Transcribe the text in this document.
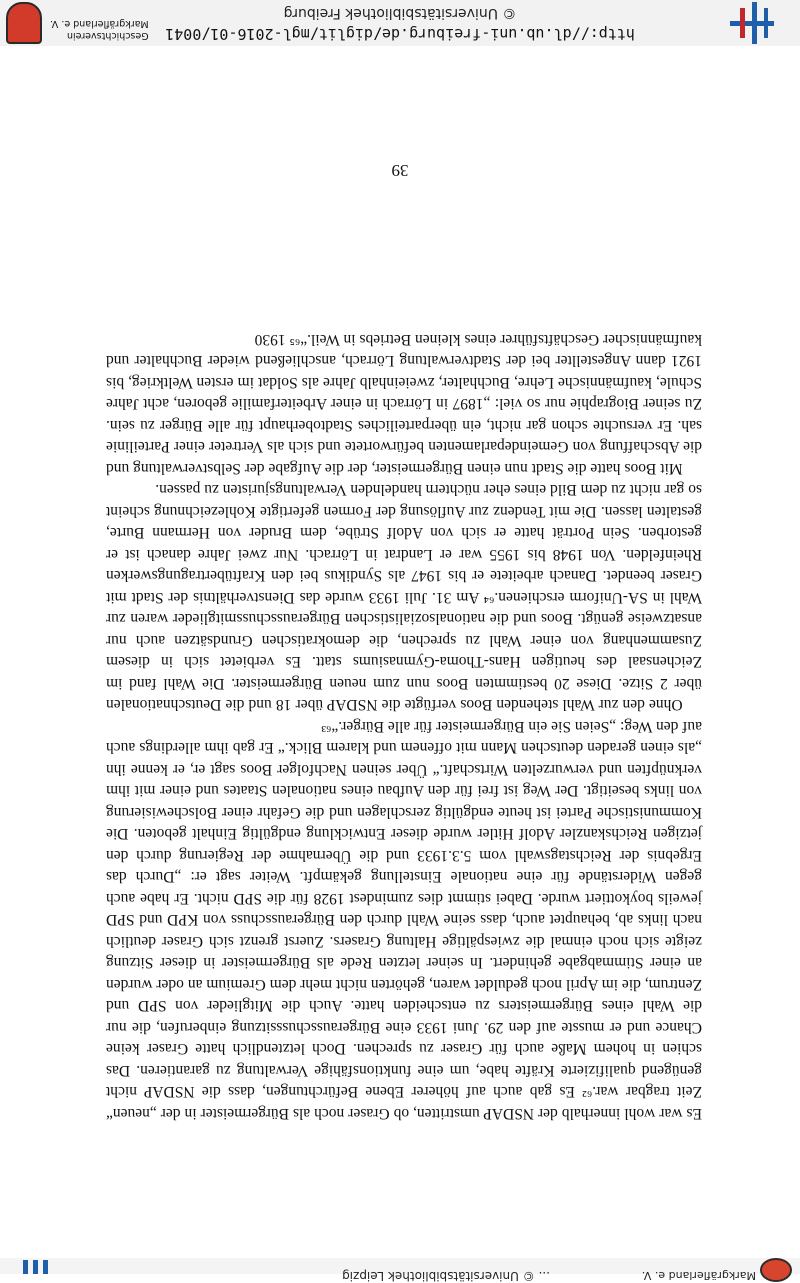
Markgräflerland e. V.
... © Universitätsbibliothek Leipzig

Es war wohl innerhalb der NSDAP umstritten, ob Graser noch als Bürgermeister in der „neuen“ Zeit tragbar war.⁶² Es gab auch auf höherer Ebene Befürchtungen, dass die NSDAP nicht genügend qualifizierte Kräfte habe, um eine funktionsfähige Verwaltung zu garantieren. Das schien in hohem Maße auch für Graser zu sprechen. Doch letztendlich hatte Graser keine Chance und er musste auf den 29. Juni 1933 eine Bürgerausschusssitzung einberufen, die nur die Wahl eines Bürgermeisters zu entscheiden hatte. Auch die Mitglieder von SPD und Zentrum, die im April noch geduldet waren, gehörten nicht mehr dem Gremium an oder wurden an einer Stimmabgabe gehindert. In seiner letzten Rede als Bürgermeister in dieser Sitzung zeigte sich noch einmal die zwiespältige Haltung Grasers. Zuerst grenzt sich Graser deutlich nach links ab, behauptet auch, dass seine Wahl durch den Bürgerausschuss von KPD und SPD jeweils boykottiert wurde. Dabei stimmt dies zumindest 1928 für die SPD nicht. Er habe auch gegen Widerstände für eine nationale Einstellung gekämpft. Weiter sagt er: „Durch das Ergebnis der Reichstagswahl vom 5.3.1933 und die Übernahme der Regierung durch den jetzigen Reichskanzler Adolf Hitler wurde dieser Entwicklung endgültig Einhalt geboten. Die Kommunistische Partei ist heute endgültig zerschlagen und die Gefahr einer Bolschewisierung von links beseitigt. Der Weg ist frei für den Aufbau eines nationalen Staates und einer mit ihm verknüpften und verwurzelten Wirtschaft.“ Über seinen Nachfolger Boos sagt er, er kenne ihn „als einen geraden deutschen Mann mit offenem und klarem Blick.“ Er gab ihm allerdings auch auf den Weg: „Seien Sie ein Bürgermeister für alle Bürger.“⁶³

Ohne den zur Wahl stehenden Boos verfügte die NSDAP über 18 und die Deutschnationalen über 2 Sitze. Diese 20 bestimmten Boos nun zum neuen Bürgermeister. Die Wahl fand im Zeichensaal des heutigen Hans-Thoma-Gymnasiums statt. Es verbietet sich in diesem Zusammenhang von einer Wahl zu sprechen, die demokratischen Grundsätzen auch nur ansatzweise genügt. Boos und die nationalsozialistischen Bürgerausschussmitglieder waren zur Wahl in SA-Uniform erschienen.⁶⁴ Am 31. Juli 1933 wurde das Dienstverhältnis der Stadt mit Graser beendet. Danach arbeitete er bis 1947 als Syndikus bei den Kraftübertragungswerken Rheinfelden. Von 1948 bis 1955 war er Landrat in Lörrach. Nur zwei Jahre danach ist er gestorben. Sein Porträt hatte er sich von Adolf Strübe, dem Bruder von Hermann Burte, gestalten lassen. Die mit Tendenz zur Auflösung der Formen gefertigte Kohlezeichnung scheint so gar nicht zu dem Bild eines eher nüchtern handelnden Verwaltungsjuristen zu passen.

Mit Boos hatte die Stadt nun einen Bürgermeister, der die Aufgabe der Selbstverwaltung und die Abschaffung von Gemeindeparlamenten befürwortete und sich als Vertreter einer Parteilinie sah. Er versuchte schon gar nicht, ein überparteiliches Stadtoberhaupt für alle Bürger zu sein. Zu seiner Biographie nur so viel: „1897 in Lörrach in einer Arbeiterfamilie geboren, acht Jahre Schule, kaufmännische Lehre, Buchhalter, zweieinhalb Jahre als Soldat im ersten Weltkrieg, bis 1921 dann Angestellter bei der Stadtverwaltung Lörrach, anschließend wieder Buchhalter und kaufmännischer Geschäftsführer eines kleinen Betriebs in Weil.“⁶⁵ 1930

39
http://dl.ub.uni-freiburg.de/diglit/mgl-2016-01/0041
© Universitätsbibliothek Freiburg
Geschichtsverein
Markgräflerland e. V.
